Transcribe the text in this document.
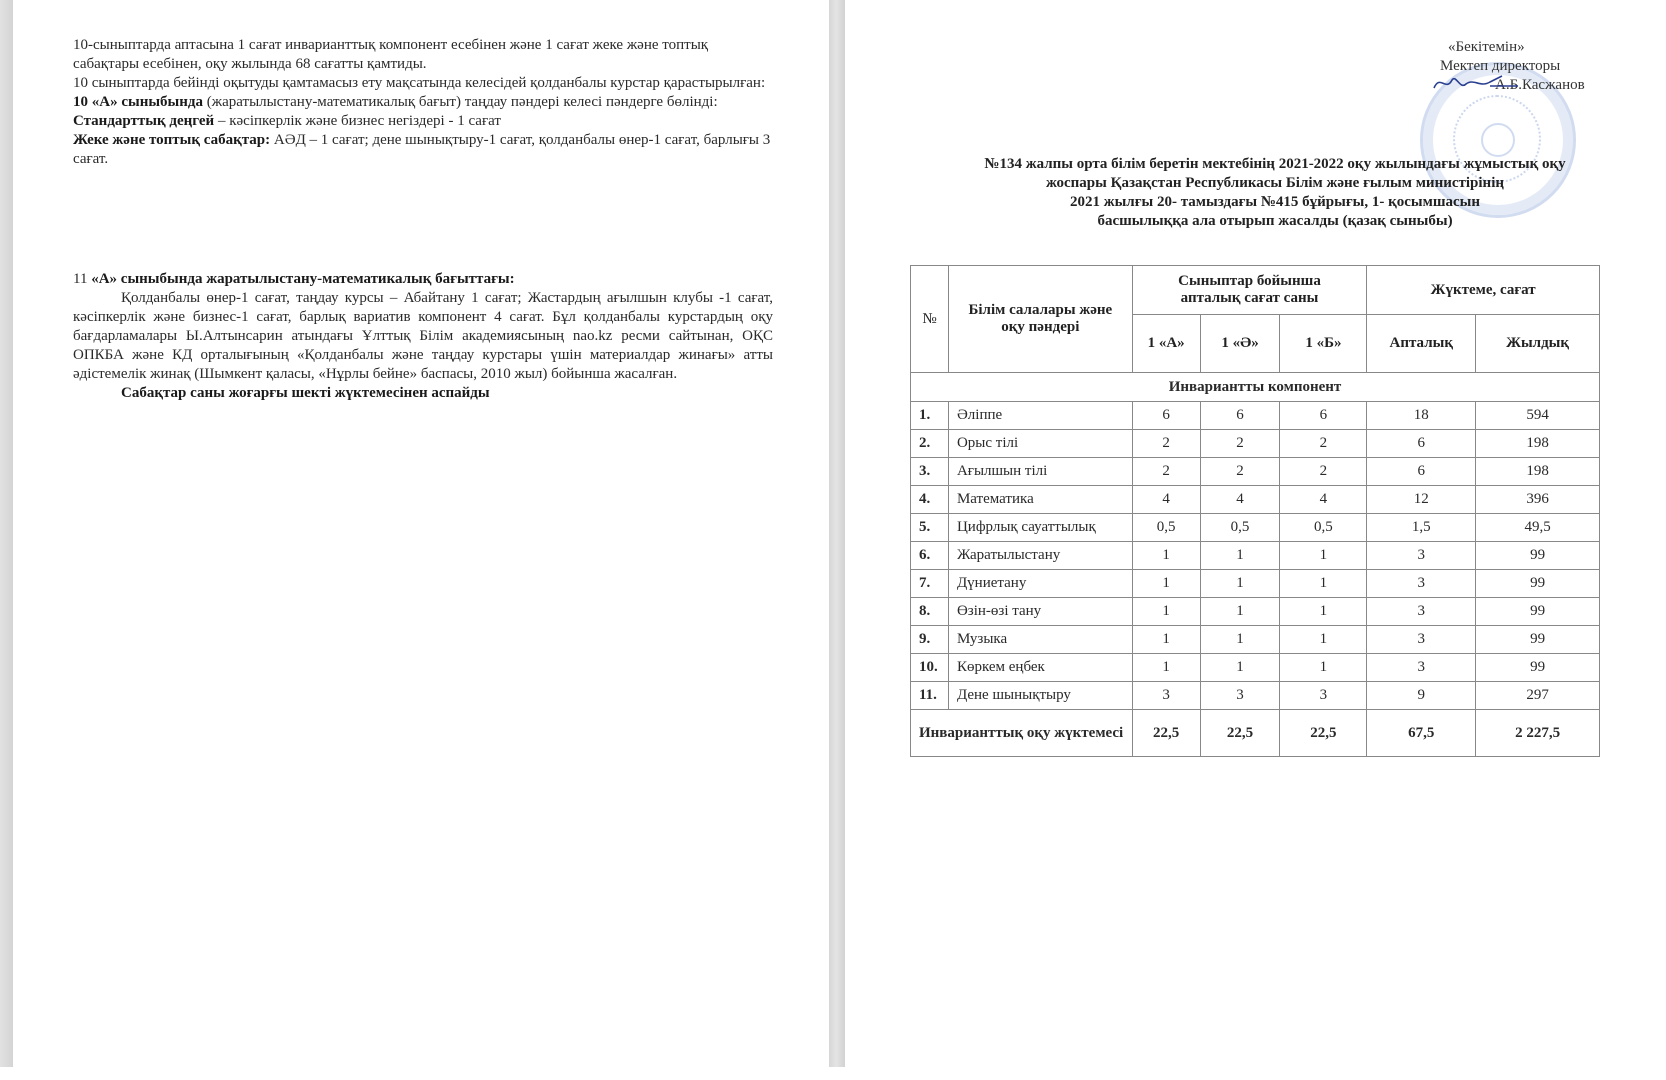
10-сыныптарда аптасына 1 сағат инварианттық компонент есебінен және 1 сағат жеке және топтық сабақтары есебінен, оқу жылында 68 сағатты қамтиды.

10 сыныптарда бейінді оқытуды қамтамасыз ету мақсатында келесідей қолданбалы курстар қарастырылған:

10 «А» сыныбында (жаратылыстану-математикалық бағыт) таңдау пәндері келесі пәндерге бөлінді:

Стандарттық деңгей – кәсіпкерлік және бизнес негіздері - 1 сағат

Жеке және топтық сабақтар: АӘД – 1 сағат; дене шынықтыру-1 сағат, қолданбалы өнер-1 сағат, барлығы 3 сағат.

11 «А» сыныбында жаратылыстану-математикалық бағыттағы:

Қолданбалы өнер-1 сағат, таңдау курсы – Абайтану 1 сағат; Жастардың ағылшын клубы -1 сағат, кәсіпкерлік және бизнес-1 сағат, барлық вариатив компонент 4 сағат. Бұл қолданбалы курстардың оқу бағдарламалары Ы.Алтынсарин атындағы Ұлттық Білім академиясының nao.kz ресми сайтынан, ОҚС ОПКБА және КД орталығының «Қолданбалы және таңдау курстары үшін материалдар жинағы» атты әдістемелік жинақ (Шымкент қаласы, «Нұрлы бейне» баспасы, 2010 жыл) бойынша жасалған.

Сабақтар саны жоғарғы шекті жүктемесінен аспайды

«Бекітемін»
Мектеп директоры
А.Б.Касжанов
№134 жалпы орта білім беретін мектебінің 2021-2022 оқу жылындағы жұмыстық оқу
жоспары Қазақстан Республикасы Білім және ғылым министірінің
2021 жылғы 20- тамыздағы №415 бұйрығы, 1- қосымшасын
басшылыққа ала отырып жасалды (қазақ сыныбы)
№	Білім салалары және оқу пәндері	Сыныптар бойынша апталық сағат саны			Жүктеме, сағат	
		1 «А»	1 «Ә»	1 «Б»	Апталық	Жылдық
Инвариантты компонент						
1.	Әліппе	6	6	6	18	594
2.	Орыс тілі	2	2	2	6	198
3.	Ағылшын тілі	2	2	2	6	198
4.	Математика	4	4	4	12	396
5.	Цифрлық сауаттылық	0,5	0,5	0,5	1,5	49,5
6.	Жаратылыстану	1	1	1	3	99
7.	Дүниетану	1	1	1	3	99
8.	Өзін-өзі тану	1	1	1	3	99
9.	Музыка	1	1	1	3	99
10.	Көркем еңбек	1	1	1	3	99
11.	Дене шынықтыру	3	3	3	9	297
Инварианттық оқу жүктемесі		22,5	22,5	22,5	67,5	2 227,5
